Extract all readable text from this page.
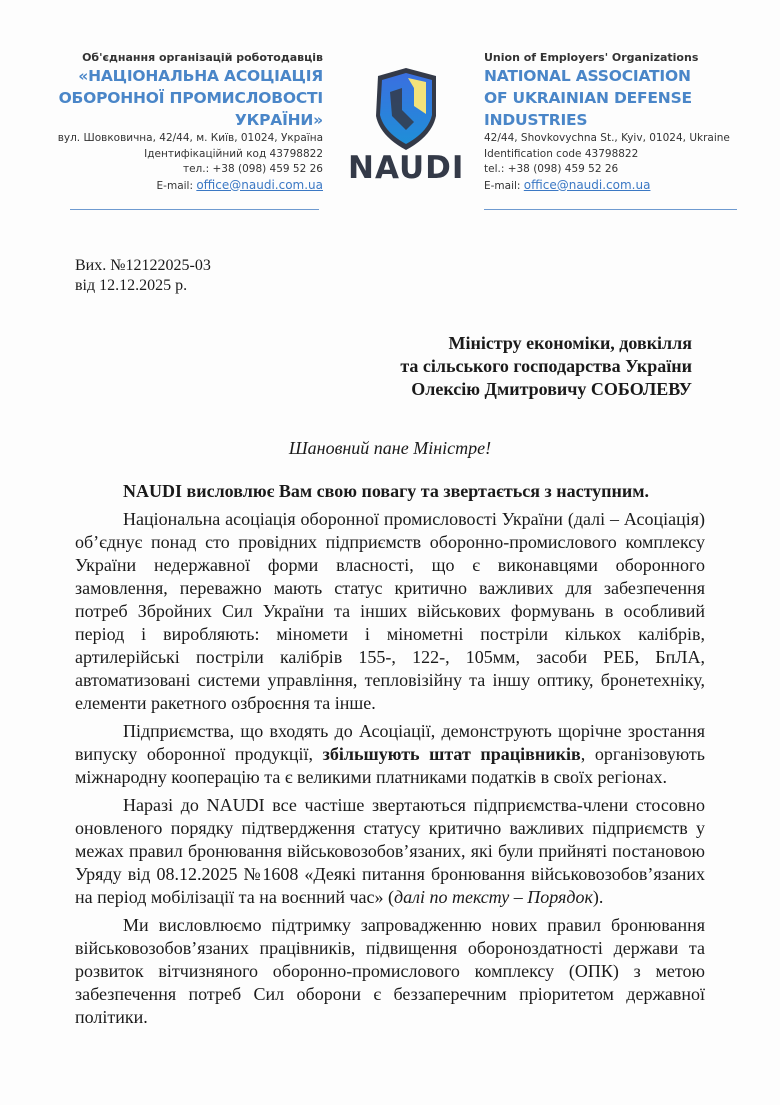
Об'єднання організацій роботодавців
«НАЦІОНАЛЬНА АСОЦІАЦІЯ
ОБОРОННОЇ ПРОМИСЛОВОСТІ
УКРАЇНИ»
вул. Шовковична, 42/44, м. Київ, 01024, Україна
Ідентифікаційний код 43798822
тел.: +38 (098) 459 52 26
E-mail: office@naudi.com.ua NAUDI
Union of Employers' Organizations
NATIONAL ASSOCIATION
OF UKRAINIAN DEFENSE
INDUSTRIES
42/44, Shovkovychna St., Kyiv, 01024, Ukraine
Identification code 43798822
tel.: +38 (098) 459 52 26
E-mail: office@naudi.com.ua
Вих. №12122025-03
від 12.12.2025 р.
Міністру економіки, довкілля
та сільського господарства України
Олексію Дмитровичу СОБОЛЕВУ
Шановний пане Міністре!

NAUDI висловлює Вам свою повагу та звертається з наступним.

Національна асоціація оборонної промисловості України (далі – Асоціація) об’єднує понад сто провідних підприємств оборонно-промислового комплексу України недержавної форми власності, що є виконавцями оборонного замовлення, переважно мають статус критично важливих для забезпечення потреб Збройних Сил України та інших військових формувань в особливий період і виробляють: міномети і мінометні постріли кількох калібрів, артилерійські постріли калібрів 155-, 122-, 105мм, засоби РЕБ, БпЛА, автоматизовані системи управління, тепловізійну та іншу оптику, бронетехніку, елементи ракетного озброєння та інше.

Підприємства, що входять до Асоціації, демонструють щорічне зростання випуску оборонної продукції, збільшують штат працівників, організовують міжнародну кооперацію та є великими платниками податків в своїх регіонах.

Наразі до NAUDI все частіше звертаються підприємства-члени стосовно оновленого порядку підтвердження статусу критично важливих підприємств у межах правил бронювання військовозобов’язаних, які були прийняті постановою Уряду від 08.12.2025 №1608 «Деякі питання бронювання військовозобов’язаних на період мобілізації та на воєнний час» (далі по тексту – Порядок).

Ми висловлюємо підтримку запровадженню нових правил бронювання військовозобов’язаних працівників, підвищення обороноздатності держави та розвиток вітчизняного оборонно-промислового комплексу (ОПК) з метою забезпечення потреб Сил оборони є беззаперечним пріоритетом державної політики.
